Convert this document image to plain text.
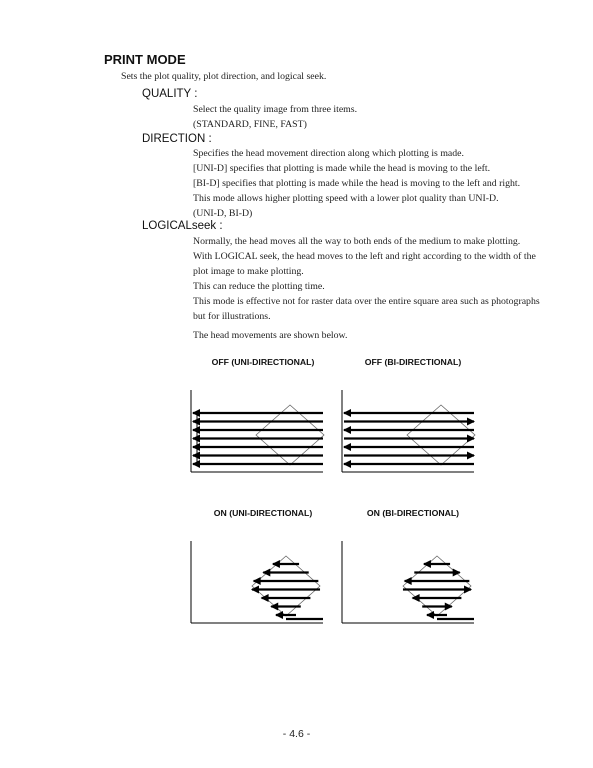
PRINT MODE
Sets the plot quality, plot direction, and logical seek.
QUALITY :
Select the quality image from three items.
(STANDARD, FINE, FAST)
DIRECTION :
Specifies the head movement direction along which plotting is made.
[UNI-D] specifies that plotting is made while the head is moving to the left.
[BI-D] specifies that plotting is made while the head is moving to the left and right.
This mode allows higher plotting speed with a lower plot quality than UNI-D.
(UNI-D, BI-D)
LOGICALseek :
Normally, the head moves all the way to both ends of the medium to make plotting.
With LOGICAL seek, the head moves to the left and right according to the width of the
plot image to make plotting.
This can reduce the plotting time.
This mode is effective not for raster data over the entire square area such as photographs
but for illustrations.
The head movements are shown below.
OFF (UNI-DIRECTIONAL)	OFF (BI-DIRECTIONAL)
ON (UNI-DIRECTIONAL)	ON (BI-DIRECTIONAL)
- 4.6 -
